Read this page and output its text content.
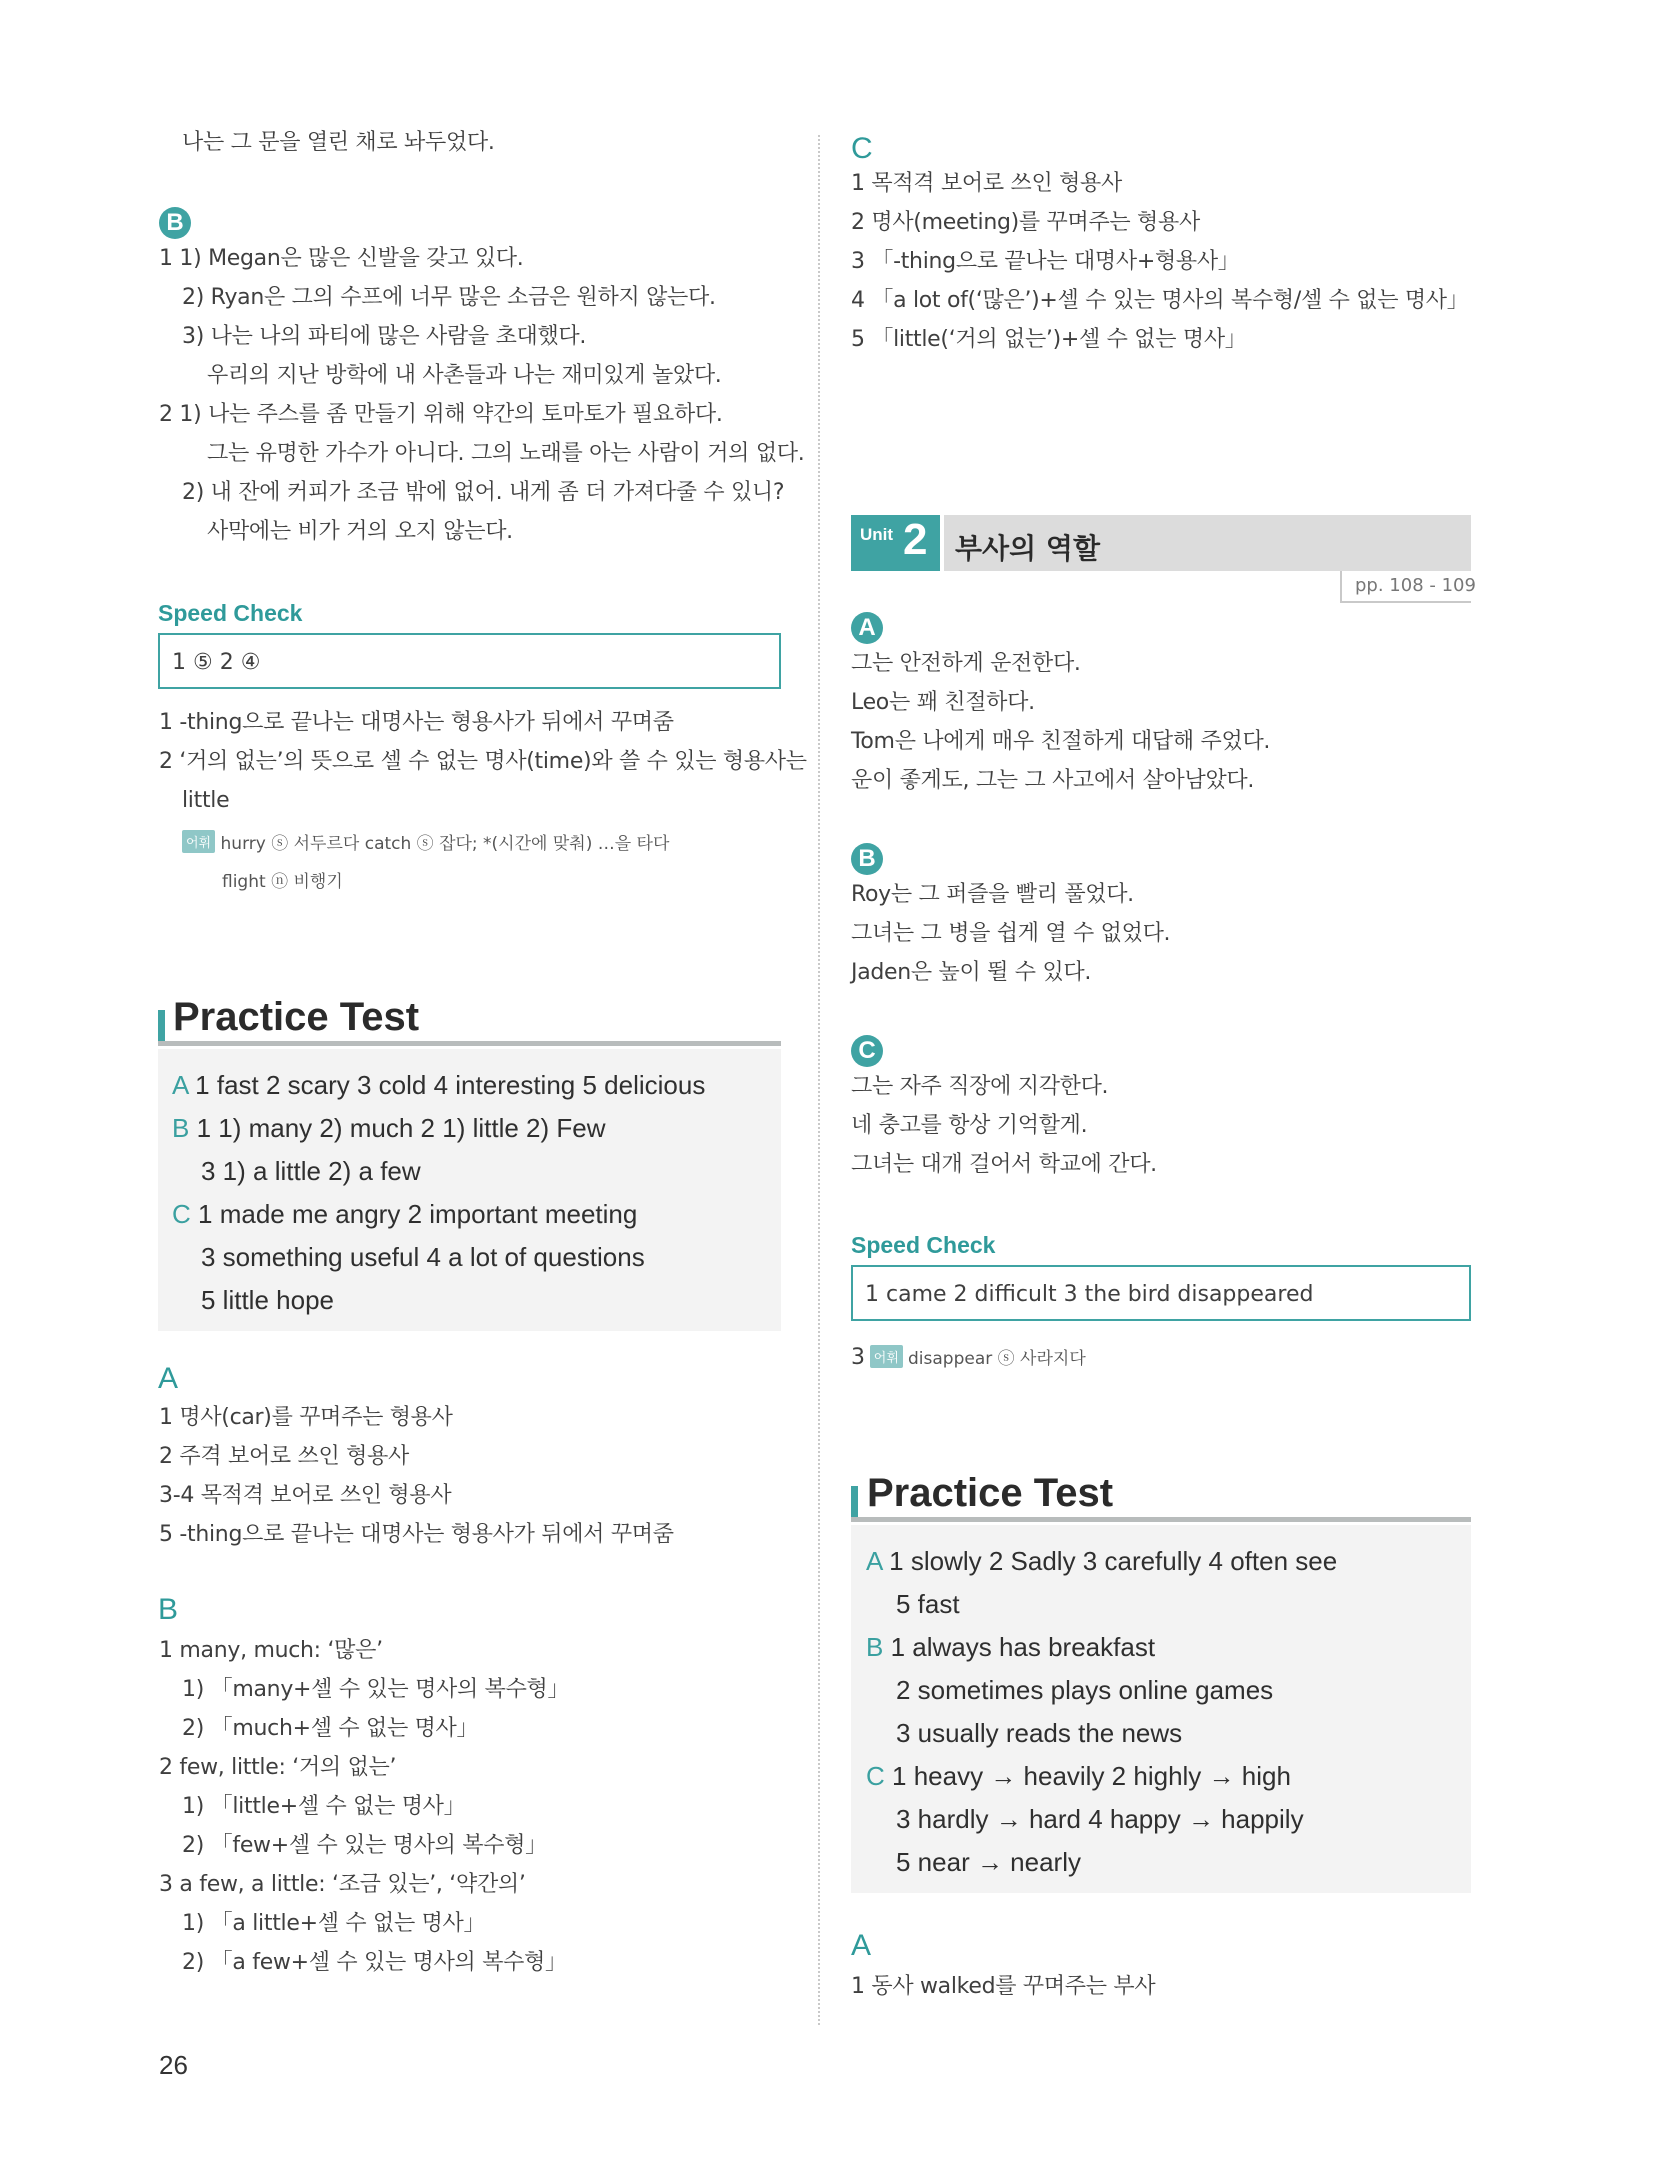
나는 그 문을 열린 채로 놔두었다.
B
1 1) Megan은 많은 신발을 갖고 있다.
2) Ryan은 그의 수프에 너무 많은 소금은 원하지 않는다.
3) 나는 나의 파티에 많은 사람을 초대했다.
우리의 지난 방학에 내 사촌들과 나는 재미있게 놀았다.
2 1) 나는 주스를 좀 만들기 위해 약간의 토마토가 필요하다.
그는 유명한 가수가 아니다. 그의 노래를 아는 사람이 거의 없다.
2) 내 잔에 커피가 조금 밖에 없어. 내게 좀 더 가져다줄 수 있니?
사막에는 비가 거의 오지 않는다.
Speed Check
1 ⑤ 2 ④
1 -thing으로 끝나는 대명사는 형용사가 뒤에서 꾸며줌
2 ‘거의 없는’의 뜻으로 셀 수 없는 명사(time)와 쓸 수 있는 형용사는
little
어휘 hurry ⓢ 서두르다 catch ⓢ 잡다; *(시간에 맞춰) …을 타다
flight ⓝ 비행기
Practice Test
A 1 fast 2 scary 3 cold 4 interesting 5 delicious
B 1 1) many 2) much 2 1) little 2) Few
3 1) a little 2) a few
C 1 made me angry 2 important meeting
3 something useful 4 a lot of questions
5 little hope
A
1 명사(car)를 꾸며주는 형용사
2 주격 보어로 쓰인 형용사
3-4 목적격 보어로 쓰인 형용사
5 -thing으로 끝나는 대명사는 형용사가 뒤에서 꾸며줌
B
1 many, much: ‘많은’
1) 「many+셀 수 있는 명사의 복수형」
2) 「much+셀 수 없는 명사」
2 few, little: ‘거의 없는’
1) 「little+셀 수 없는 명사」
2) 「few+셀 수 있는 명사의 복수형」
3 a few, a little: ‘조금 있는’, ‘약간의’
1) 「a little+셀 수 없는 명사」
2) 「a few+셀 수 있는 명사의 복수형」
26
C
1 목적격 보어로 쓰인 형용사
2 명사(meeting)를 꾸며주는 형용사
3 「-thing으로 끝나는 대명사+형용사」
4 「a lot of(‘많은’)+셀 수 있는 명사의 복수형/셀 수 없는 명사」
5 「little(‘거의 없는’)+셀 수 없는 명사」
Unit 2 부사의 역할
pp. 108 - 109
A
그는 안전하게 운전한다.
Leo는 꽤 친절하다.
Tom은 나에게 매우 친절하게 대답해 주었다.
운이 좋게도, 그는 그 사고에서 살아남았다.
B
Roy는 그 퍼즐을 빨리 풀었다.
그녀는 그 병을 쉽게 열 수 없었다.
Jaden은 높이 뛸 수 있다.
C
그는 자주 직장에 지각한다.
네 충고를 항상 기억할게.
그녀는 대개 걸어서 학교에 간다.
Speed Check
1 came 2 difficult 3 the bird disappeared
3 어휘 disappear ⓢ 사라지다
Practice Test
A 1 slowly 2 Sadly 3 carefully 4 often see
5 fast
B 1 always has breakfast
2 sometimes plays online games
3 usually reads the news
C 1 heavy → heavily 2 highly → high
3 hardly → hard 4 happy → happily
5 near → nearly
A
1 동사 walked를 꾸며주는 부사
